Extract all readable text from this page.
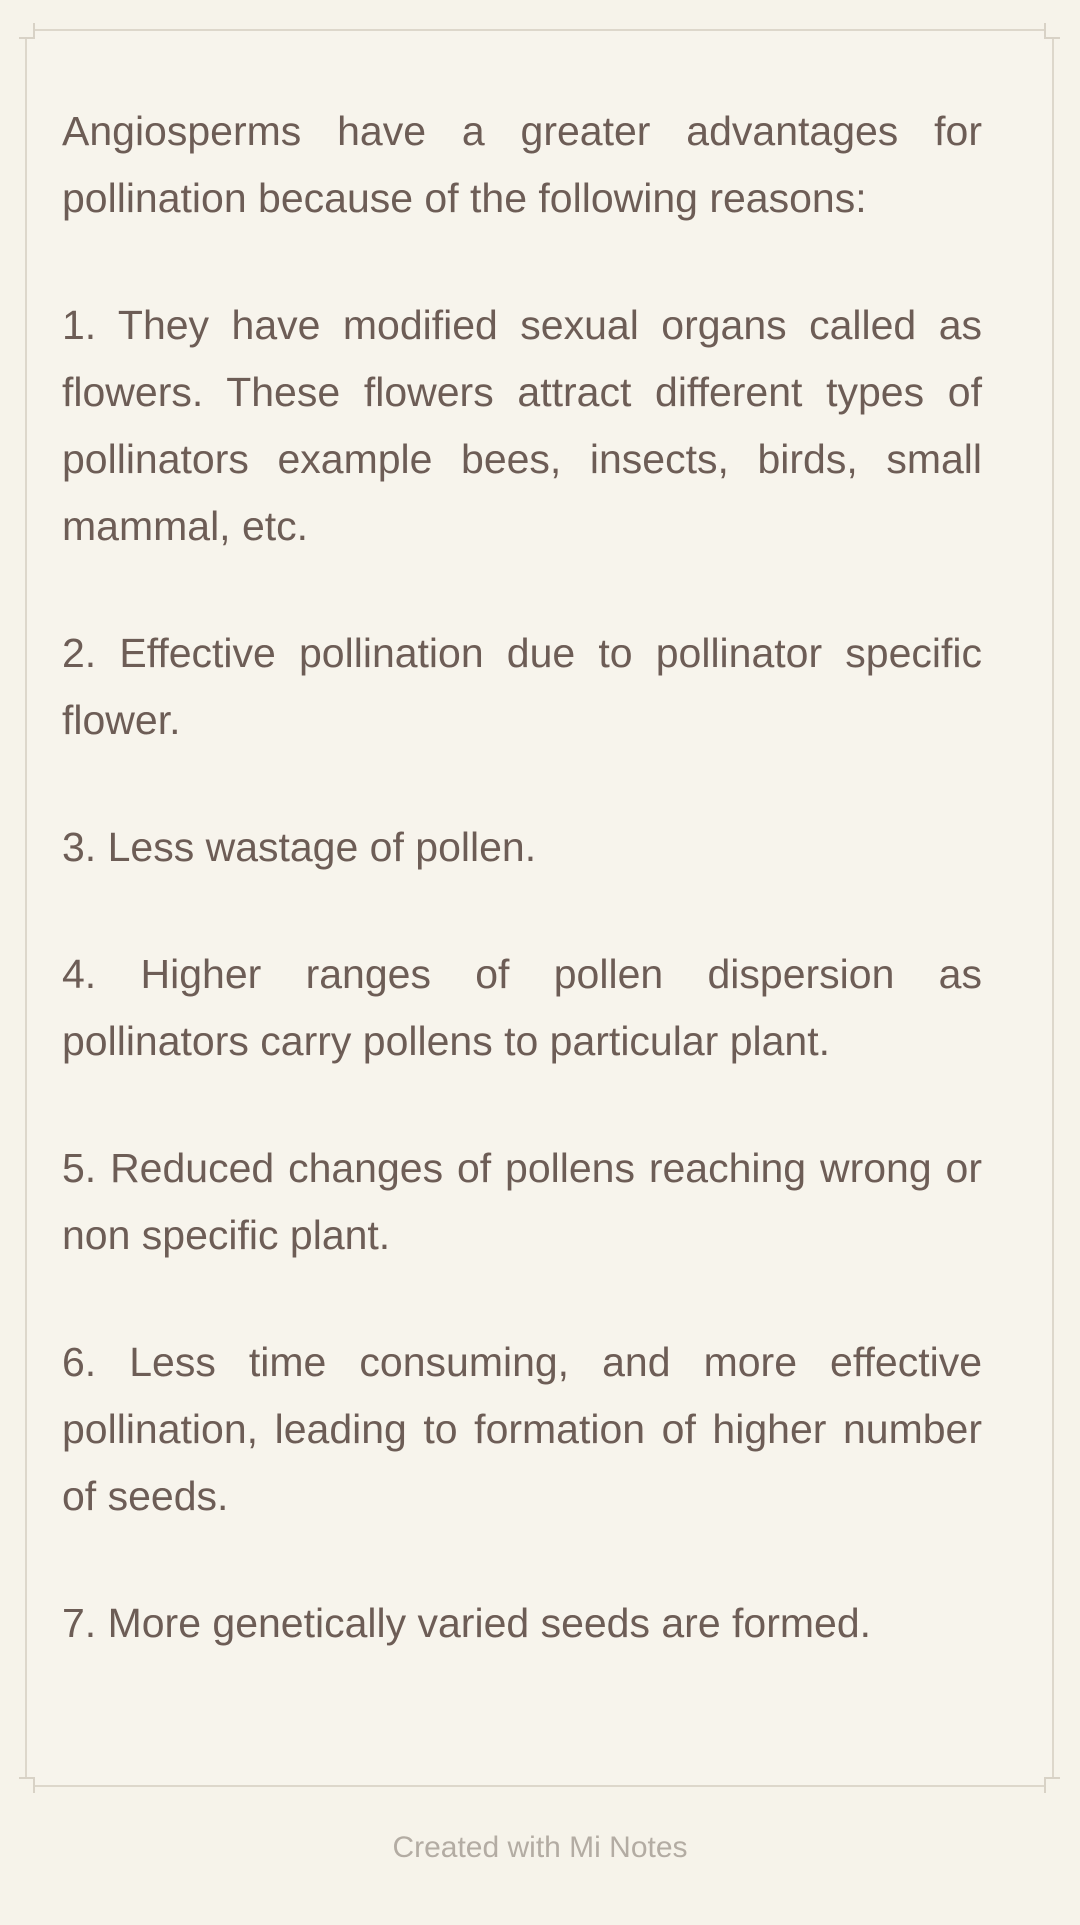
Angiosperms have a greater advantages for pollination because of the following reasons:

1. They have modified sexual organs called as flowers. These flowers attract different types of pollinators example bees, insects, birds, small mammal, etc.

2. Effective pollination due to pollinator specific flower.

3. Less wastage of pollen.

4. Higher ranges of pollen dispersion as pollinators carry pollens to particular plant.

5. Reduced changes of pollens reaching wrong or non specific plant.

6. Less time consuming, and more effective pollination, leading to formation of higher number of seeds.

7. More genetically varied seeds are formed.

Created with Mi Notes
